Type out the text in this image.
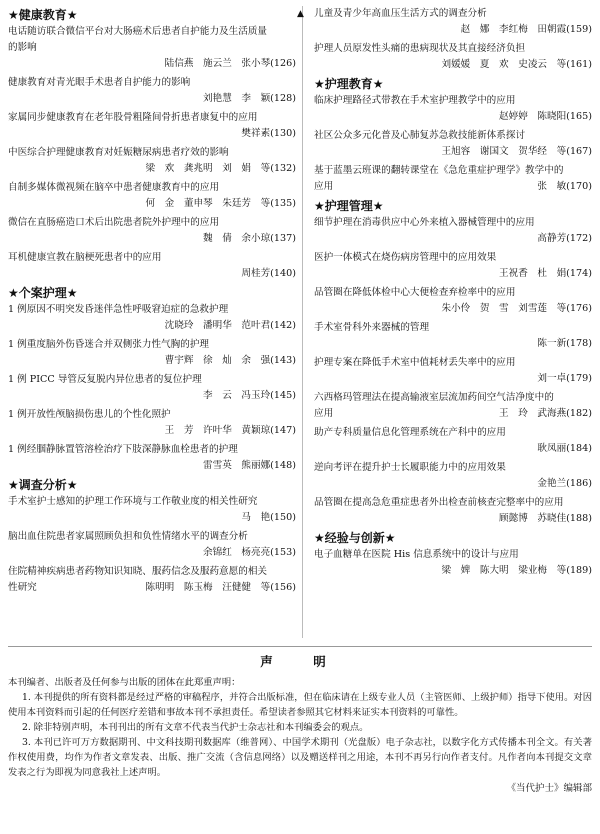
★健康教育★
电话随访联合微信平台对大肠癌术后患者自护能力及生活质量
的影响
陆信燕　施云兰　张小琴(126)
健康教育对青光眼手术患者自护能力的影响
刘艳慧　李　颖(128)
家属同步健康教育在老年股骨粗隆间骨折患者康复中的应用
樊祥素(130)
中医综合护理健康教育对妊娠糖尿病患者疗效的影响
梁　欢　龚兆明　刘　娟　等(132)
自制多媒体微视频在脑卒中患者健康教育中的应用
何　金　董申琴　朱廷芳　等(135)
微信在直肠癌造口术后出院患者院外护理中的应用
魏　倩　余小琼(137)
耳机健康宣教在脑梗死患者中的应用
周桂芳(140)
★个案护理★
1 例原因不明突发昏迷伴急性呼吸窘迫症的急救护理
沈晓玲　潘明华　范叶君(142)
1 例重度脑外伤昏迷合并双侧张力性气胸的护理
曹宇辉　徐　灿　余　强(143)
1 例 PICC 导管反复脱内异位患者的复位护理
李　云　冯玉玲(145)
1 例开放性颅脑损伤患儿的个性化照护
王　芳　许叶华　黄颖琼(147)
1 例经腘静脉置管溶栓治疗下肢深静脉血栓患者的护理
雷雪英　熊丽娜(148)
★调查分析★
手术室护士感知的护理工作环境与工作敬业度的相关性研究
马　艳(150)
脑出血住院患者家属照顾负担和负性情绪水平的调查分析
余锦红　杨亮亮(153)
住院精神疾病患者药物知识知晓、服药信念及服药意愿的相关
性研究	陈明明　陈玉梅　汪健健　等(156)
▲ 儿童及青少年高血压生活方式的调查分析
赵　娜　李红梅　田朝霞(159)
护理人员原发性头痛的患病现状及其直接经济负担
刘媛媛　夏　欢　史凌云　等(161)
★护理教育★
临床护理路径式带教在手术室护理教学中的应用
赵婷婷　陈晓阳(165)
社区公众多元化普及心肺复苏急救技能新体系探讨
王旭容　谢国文　贺华经　等(167)
基于蓝墨云班课的翻转课堂在《急危重症护理学》教学中的
应用	张　敏(170)
★护理管理★
细节护理在消毒供应中心外来植入器械管理中的应用
高静芳(172)
医护一体模式在烧伤病房管理中的应用效果
王祝香　杜　娟(174)
品管圈在降低体检中心大便检查弃检率中的应用
朱小伶　贺　雪　刘雪莲　等(176)
手术室骨科外来器械的管理
陈一新(178)
护理专案在降低手术室中值耗材丢失率中的应用
刘一卓(179)
六西格玛管理法在提高输液室层流加药间空气洁净度中的
应用	王　玲　武海燕(182)
助产专科质量信息化管理系统在产科中的应用
耿凤丽(184)
逆向考评在提升护士长履职能力中的应用效果
金艳兰(186)
品管圈在提高急危重症患者外出检查前核查完整率中的应用
顾懿博　苏晓佳(188)
★经验与创新★
电子血糖单在医院 His 信息系统中的设计与应用
梁　婢　陈大明　梁业梅　等(189)
声　明

本刊编者、出版者及任何参与出版的团体在此郑重声明：

1. 本刊提供的所有资料都是经过严格的审稿程序，并符合出版标准，但在临床请在上级专业人员（主管医师、上级护师）指导下使用。对因使用本刊资料而引起的任何医疗差错和事故本刊不承担责任。希望读者参照其它材料来证实本刊资料的可靠性。

2. 除非特别声明，本刊刊出的所有文章不代表当代护士杂志社和本刊编委会的观点。

3. 本刊已许可万方数据期刊、中文科技期刊数据库（维普网）、中国学术期刊（光盘版）电子杂志社，以数字化方式传播本刊全文。有关著作权使用费，均作为作者文章发表、出版、推广交流（含信息网络）以及赠送样刊之用途，本刊不再另行向作者支付。凡作者向本刊提交文章发表之行为即视为同意我社上述声明。

《当代护士》编辑部
